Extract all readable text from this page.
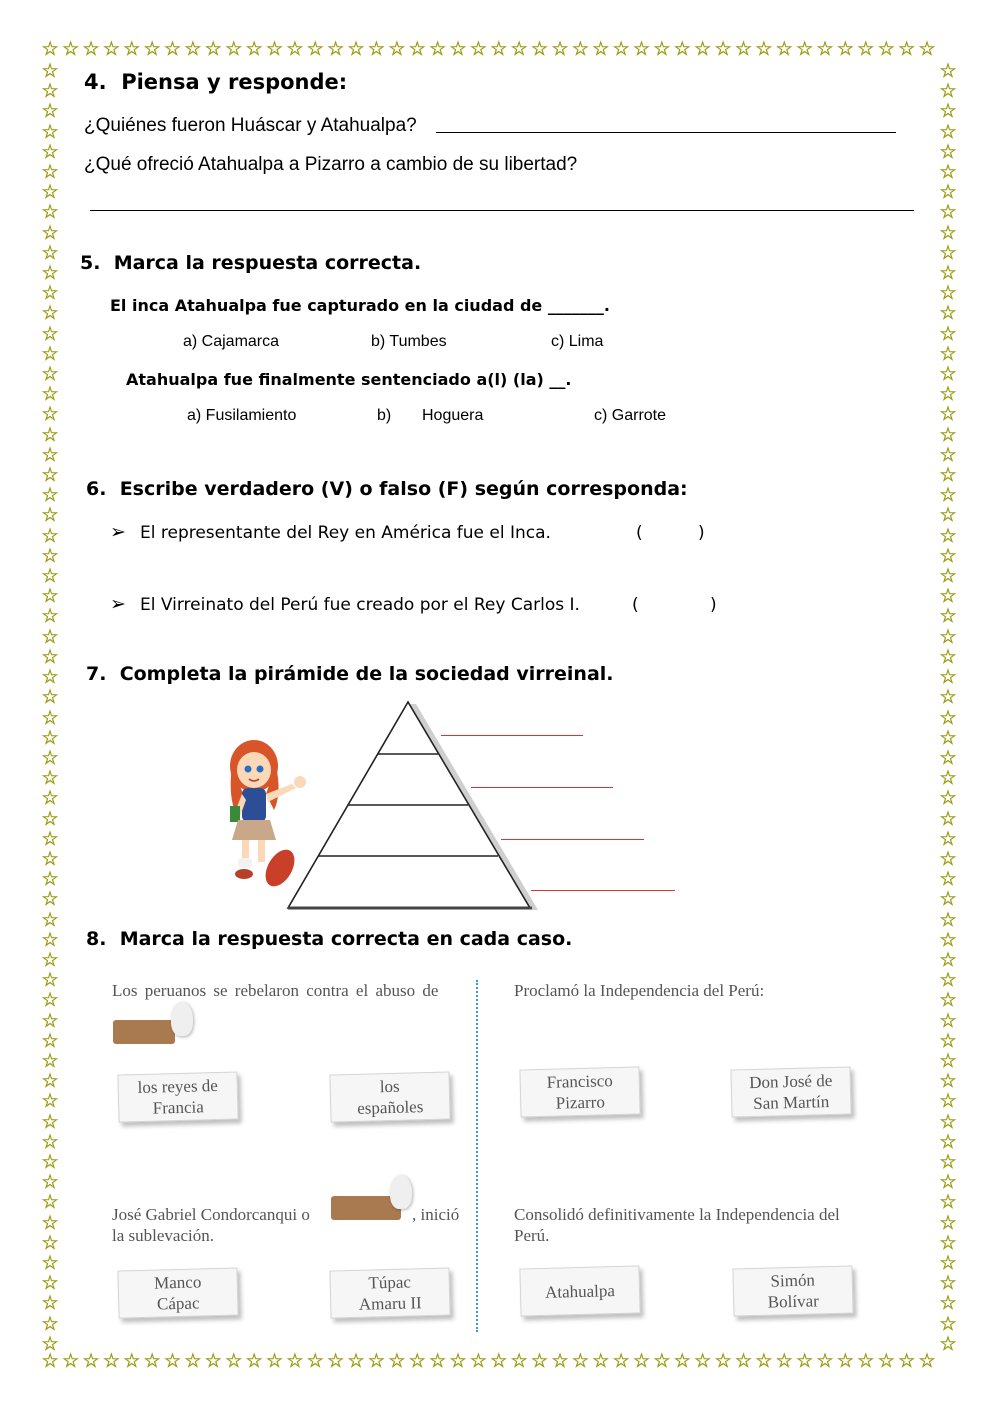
☆ ☆ ☆ ☆ ☆ ☆ ☆ ☆ ☆ ☆ ☆ ☆ ☆ ☆ ☆ ☆ ☆ ☆ ☆ ☆ ☆ ☆ ☆ ☆ ☆ ☆ ☆ ☆ ☆ ☆ ☆ ☆ ☆ ☆ ☆ ☆ ☆ ☆ ☆ ☆ ☆ ☆ ☆ ☆
☆ ☆ ☆ ☆ ☆ ☆ ☆ ☆ ☆ ☆ ☆ ☆ ☆ ☆ ☆ ☆ ☆ ☆ ☆ ☆ ☆ ☆ ☆ ☆ ☆ ☆ ☆ ☆ ☆ ☆ ☆ ☆ ☆ ☆ ☆ ☆ ☆ ☆ ☆ ☆ ☆ ☆ ☆ ☆
☆
☆
☆
☆
☆
☆
☆
☆
☆
☆
☆
☆
☆
☆
☆
☆
☆
☆
☆
☆
☆
☆
☆
☆
☆
☆
☆
☆
☆
☆
☆
☆
☆
☆
☆
☆
☆
☆
☆
☆
☆
☆
☆
☆
☆
☆
☆
☆
☆
☆
☆
☆
☆
☆
☆
☆
☆
☆
☆
☆
☆
☆
☆
☆
☆
☆
☆
☆
☆
☆
☆
☆
☆
☆
☆
☆
☆
☆
☆
☆
☆
☆
☆
☆
☆
☆
☆
☆
☆
☆
☆
☆
☆
☆
☆
☆
☆
☆
☆
☆
☆
☆
☆
☆
☆
☆
☆
☆
☆
☆
☆
☆
☆
☆
☆
☆
☆
☆
☆
☆
☆
☆
☆
☆
☆
☆
☆
☆
4. Piensa y responde:
¿Quiénes fueron Huáscar y Atahualpa?
¿Qué ofreció Atahualpa a Pizarro a cambio de su libertad?
5. Marca la respuesta correcta.
El inca Atahualpa fue capturado en la ciudad de _______.
a) Cajamarca	b) Tumbes	c) Lima
Atahualpa fue finalmente sentenciado a(l) (la) __.
a) Fusilamiento	b) Hoguera	c) Garrote
6. Escribe verdadero (V) o falso (F) según corresponda:
➢ El representante del Rey en América fue el Inca.	(	)
➢ El Virreinato del Perú fue creado por el Rey Carlos I.	(	)
7. Completa la pirámide de la sociedad virreinal.
8. Marca la respuesta correcta en cada caso.
Los peruanos se rebelaron contra el abuso de
los reyes de
Francia
los
españoles
Proclamó la Independencia del Perú:
Francisco
Pizarro
Don José de
San Martín
José Gabriel Condorcanqui o	, inició
la sublevación.
Manco
Cápac
Túpac
Amaru II
Consolidó definitivamente la Independencia del
Perú.
Atahualpa
Simón
Bolívar
